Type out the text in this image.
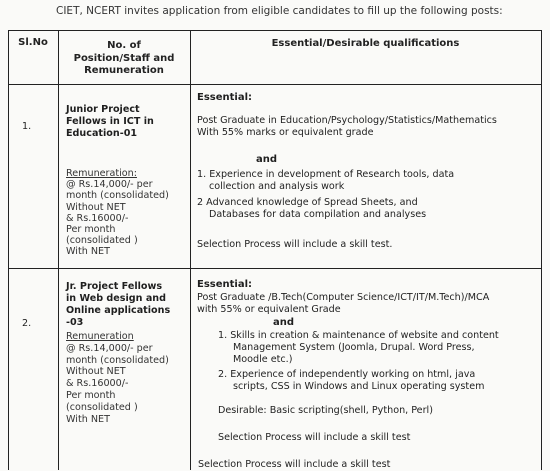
CIET, NCERT invites application from eligible candidates to fill up the following posts:
Sl.No	No. of
Position/Staff and
Remuneration
Essential/Desirable qualifications
1.
Junior Project
Fellows in ICT in
Education-01
Remuneration:
@ Rs.14,000/- per
month (consolidated)
Without NET
& Rs.16000/-
Per month
(consolidated )
With NET
Essential:
Post Graduate in Education/Psychology/Statistics/Mathematics
With 55% marks or equivalent grade
and
1. Experience in development of Research tools, data
collection and analysis work
2 Advanced knowledge of Spread Sheets, and
Databases for data compilation and analyses
Selection Process will include a skill test.
2.
Jr. Project Fellows
in Web design and
Online applications
-03
Remuneration
@ Rs.14,000/- per
month (consolidated)
Without NET
& Rs.16000/-
Per month
(consolidated )
With NET
Essential:
Post Graduate /B.Tech(Computer Science/ICT/IT/M.Tech)/MCA
with 55% or equivalent Grade
and
1. Skills in creation & maintenance of website and content
Management System (Joomla, Drupal. Word Press,
Moodle etc.)
2. Experience of independently working on html, java
scripts, CSS in Windows and Linux operating system
Desirable: Basic scripting(shell, Python, Perl)
Selection Process will include a skill test
Selection Process will include a skill test
